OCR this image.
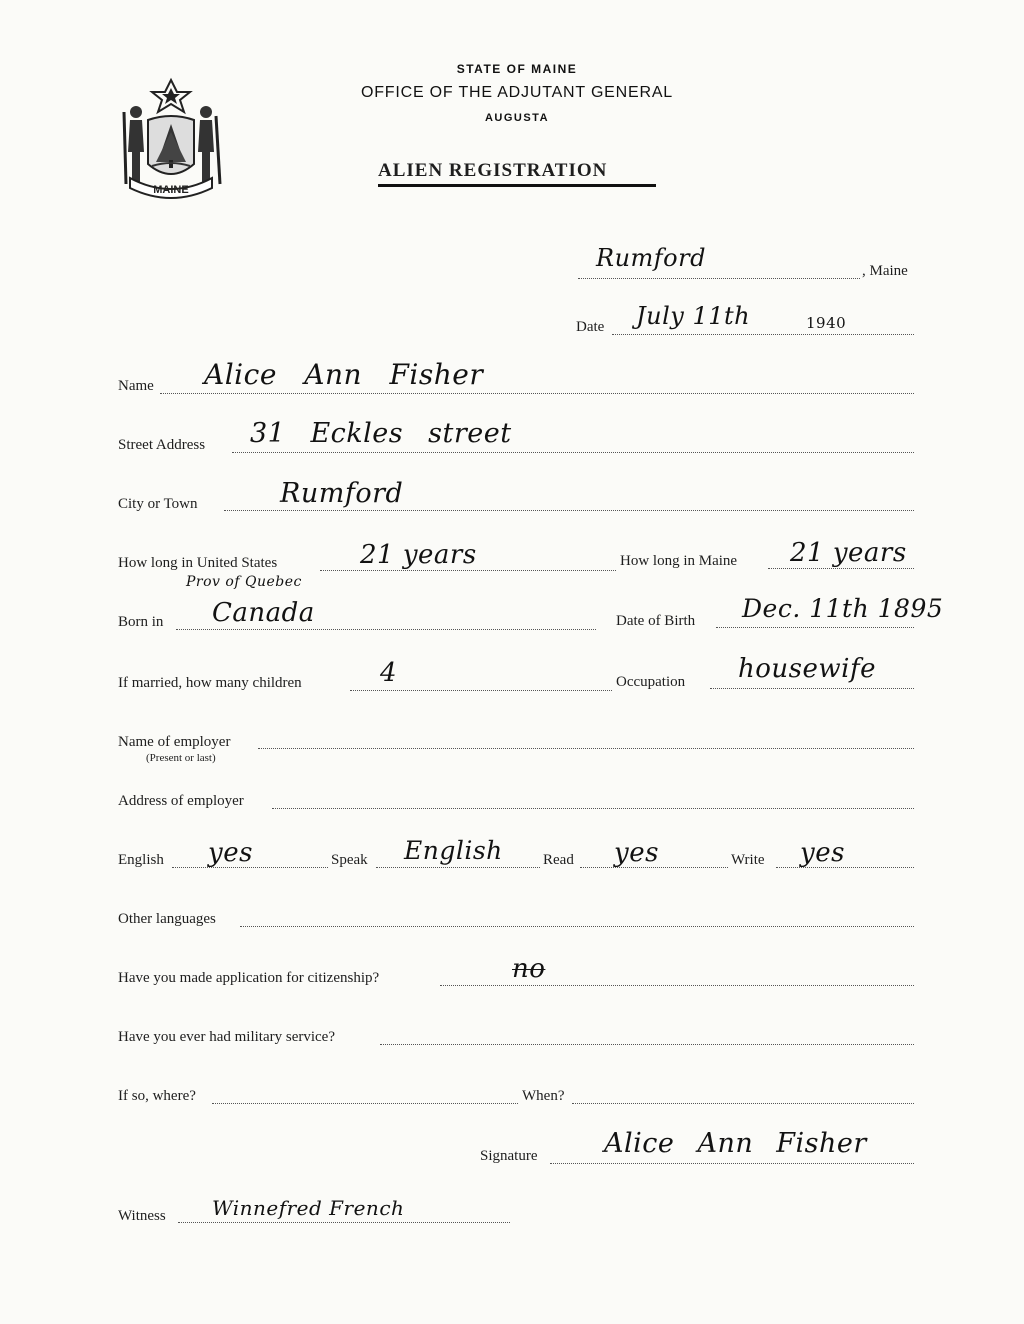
STATE OF MAINE
OFFICE OF THE ADJUTANT GENERAL
AUGUSTA
ALIEN REGISTRATION
MAINE
Rumford	, Maine
Date July 11th	1940
Name Alice Ann Fisher
Street Address 31 Eckles street
City or Town	Rumford
How long in United States	21 years	How long in Maine 21 years
Prov of Quebec
Born in Canada	Date of Birth Dec. 11th 1895
If married, how many children	4	Occupation housewife
Name of employer
(Present or last)
Address of employer
English yes	Speak English	Read yes	Write yes
Other languages
Have you made application for citizenship?	no
Have you ever had military service?
If so, where?	When?
Signature Alice Ann Fisher
Witness Winnefred French
